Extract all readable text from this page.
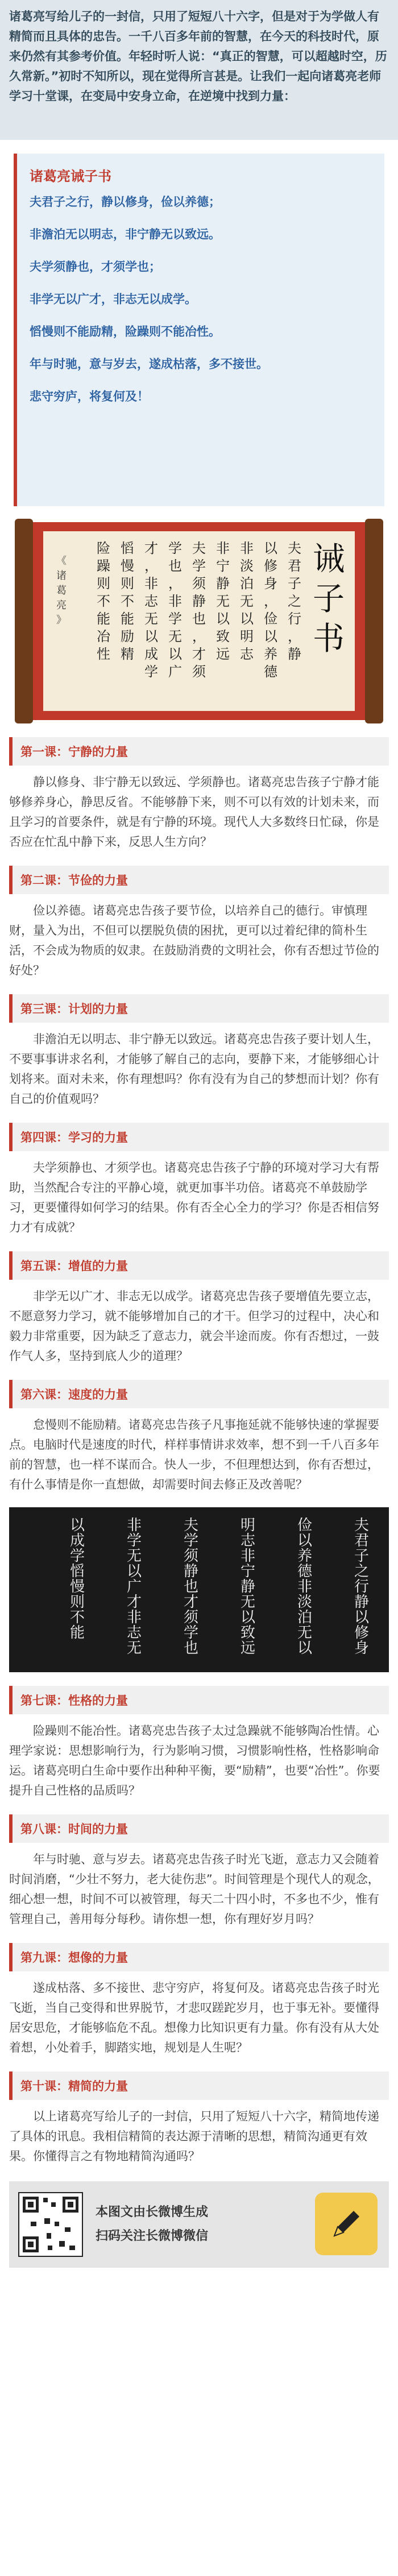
诸葛亮写给儿子的一封信，只用了短短八十六字，但是对于为学做人有精简而且具体的忠告。一千八百多年前的智慧，在今天的科技时代，原来仍然有其参考价值。年轻时听人说：“真正的智慧，可以超越时空，历久常新。”初时不知所以，现在觉得所言甚是。让我们一起向诸葛亮老师学习十堂课，在变局中安身立命，在逆境中找到力量：
诸葛亮诫子书
夫君子之行，静以修身，俭以养德；
非澹泊无以明志，非宁静无以致远。
夫学须静也，才须学也；
非学无以广才，非志无以成学。
慆慢则不能励精，险躁则不能冶性。
年与时驰，意与岁去，遂成枯落，多不接世。
悲守穷庐，将复何及！
诫
子
书
夫
君
子
之
行
，
静
以
修
身
，
俭
以
养
德
非
淡
泊
无
以
明
志
非
宁
静
无
以
致
远
夫
学
须
静
也
，
才
须
学
也
，
非
学
无
以
广
才
，
非
志
无
以
成
学
慆
慢
则
不
能
励
精
险
躁
则
不
能
冶
性
《
诸
葛
亮
》
第一课：宁静的力量
静以修身、非宁静无以致远、学须静也。诸葛亮忠告孩子宁静才能够修养身心，静思反省。不能够静下来，则不可以有效的计划未来，而且学习的首要条件，就是有宁静的环境。现代人大多数终日忙碌，你是否应在忙乱中静下来，反思人生方向？
第二课：节俭的力量
俭以养德。诸葛亮忠告孩子要节俭，以培养自己的德行。审慎理财，量入为出，不但可以摆脱负债的困扰，更可以过着纪律的简朴生活，不会成为物质的奴隶。在鼓励消费的文明社会，你有否想过节俭的好处？
第三课：计划的力量
非澹泊无以明志、非宁静无以致远。诸葛亮忠告孩子要计划人生，不要事事讲求名利，才能够了解自己的志向，要静下来，才能够细心计划将来。面对未来，你有理想吗？你有没有为自己的梦想而计划？你有自己的价值观吗？
第四课：学习的力量
夫学须静也、才须学也。诸葛亮忠告孩子宁静的环境对学习大有帮助，当然配合专注的平静心境，就更加事半功倍。诸葛亮不单鼓励学习，更要懂得如何学习的结果。你有否全心全力的学习？你是否相信努力才有成就？
第五课：增值的力量
非学无以广才、非志无以成学。诸葛亮忠告孩子要增值先要立志，不愿意努力学习，就不能够增加自己的才干。但学习的过程中，决心和毅力非常重要，因为缺乏了意志力，就会半途而废。你有否想过，一鼓作气人多，坚持到底人少的道理？
第六课：速度的力量
怠慢则不能励精。诸葛亮忠告孩子凡事拖延就不能够快速的掌握要点。电脑时代是速度的时代，样样事情讲求效率，想不到一千八百多年前的智慧，也一样不谋而合。快人一步，不但理想达到，你有否想过，有什么事情是你一直想做，却需要时间去修正及改善呢？
夫
君
子
之
行
静
以
修
身
俭
以
养
德
非
淡
泊
无
以
明
志
非
宁
静
无
以
致
远
夫
学
须
静
也
才
须
学
也
非
学
无
以
广
才
非
志
无
以
成
学
慆
慢
则
不
能
第七课：性格的力量
险躁则不能冶性。诸葛亮忠告孩子太过急躁就不能够陶冶性情。心理学家说：思想影响行为，行为影响习惯，习惯影响性格，性格影响命运。诸葛亮明白生命中要作出种种平衡，要“励精”，也要“冶性”。你要提升自己性格的品质吗？
第八课：时间的力量
年与时驰、意与岁去。诸葛亮忠告孩子时光飞逝，意志力又会随着时间消磨，“少壮不努力，老大徒伤悲”。时间管理是个现代人的观念，细心想一想，时间不可以被管理，每天二十四小时，不多也不少，惟有管理自己，善用每分每秒。请你想一想，你有理好岁月吗？
第九课：想像的力量
遂成枯落、多不接世、悲守穷庐，将复何及。诸葛亮忠告孩子时光飞逝，当自己变得和世界脱节，才悲叹蹉跎岁月，也于事无补。要懂得居安思危，才能够临危不乱。想像力比知识更有力量。你有没有从大处着想，小处着手，脚踏实地，规划是人生呢？
第十课：精简的力量
以上诸葛亮写给儿子的一封信，只用了短短八十六字，精简地传递了具体的讯息。我相信精简的表达源于清晰的思想，精简沟通更有效果。你懂得言之有物地精简沟通吗？
本图文由长微博生成
扫码关注长微博微信
